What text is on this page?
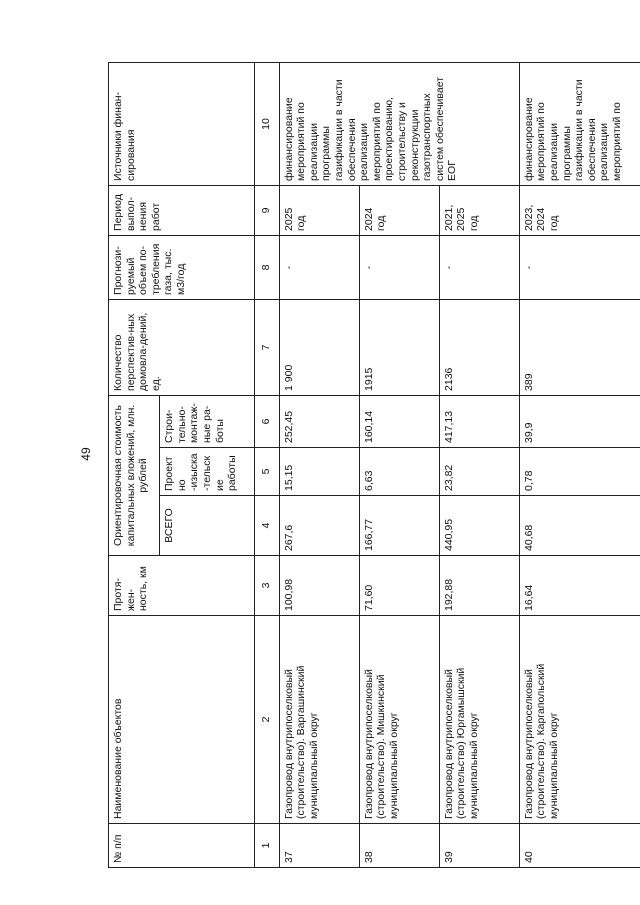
49
№ п/п	Наименование объектов	Протя-жен-ность, км	Ориентировочная стоимость капитальных вложений, млн. рублей			Количество перспектив-ных домовла-дений, ед.	Прогнози-руемый объем по-требления газа, тыс. м3/год	Период выпол-нения работ	Источники финан-сирования
			ВСЕГО	Проектно -изыска-тельские работы	Строи-тельно-монтаж-ные ра-боты				
1	2	3	4	5	6	7	8	9	10
37	Газопровод внутрипоселковый (строительство). Варгашинский муниципальный округ	100,98	267,6	15,15	252,45	1 900	-	2025 год	финансирование мероприятий по реализации программы газификации в части обеспечения реализации мероприятий по проектированию, строительству и реконструкции газотранспортных систем обеспечивает ЕОГ
38	Газопровод внутрипоселковый (строительство). Мишкинский муниципальный округ	71,60	166,77	6,63	160,14	1915	-	2024 год	
39	Газопровод внутрипоселковый (строительство) Юргамышский муниципальный округ	192,88	440,95	23,82	417,13	2136	-	2021, 2025 год	
40	Газопровод внутрипоселковый (строительство). Каргапольский муниципальный округ	16,64	40,68	0,78	39,9	389	-	2023, 2024 год	финансирование мероприятий по реализации программы газификации в части обеспечения реализации мероприятий по
